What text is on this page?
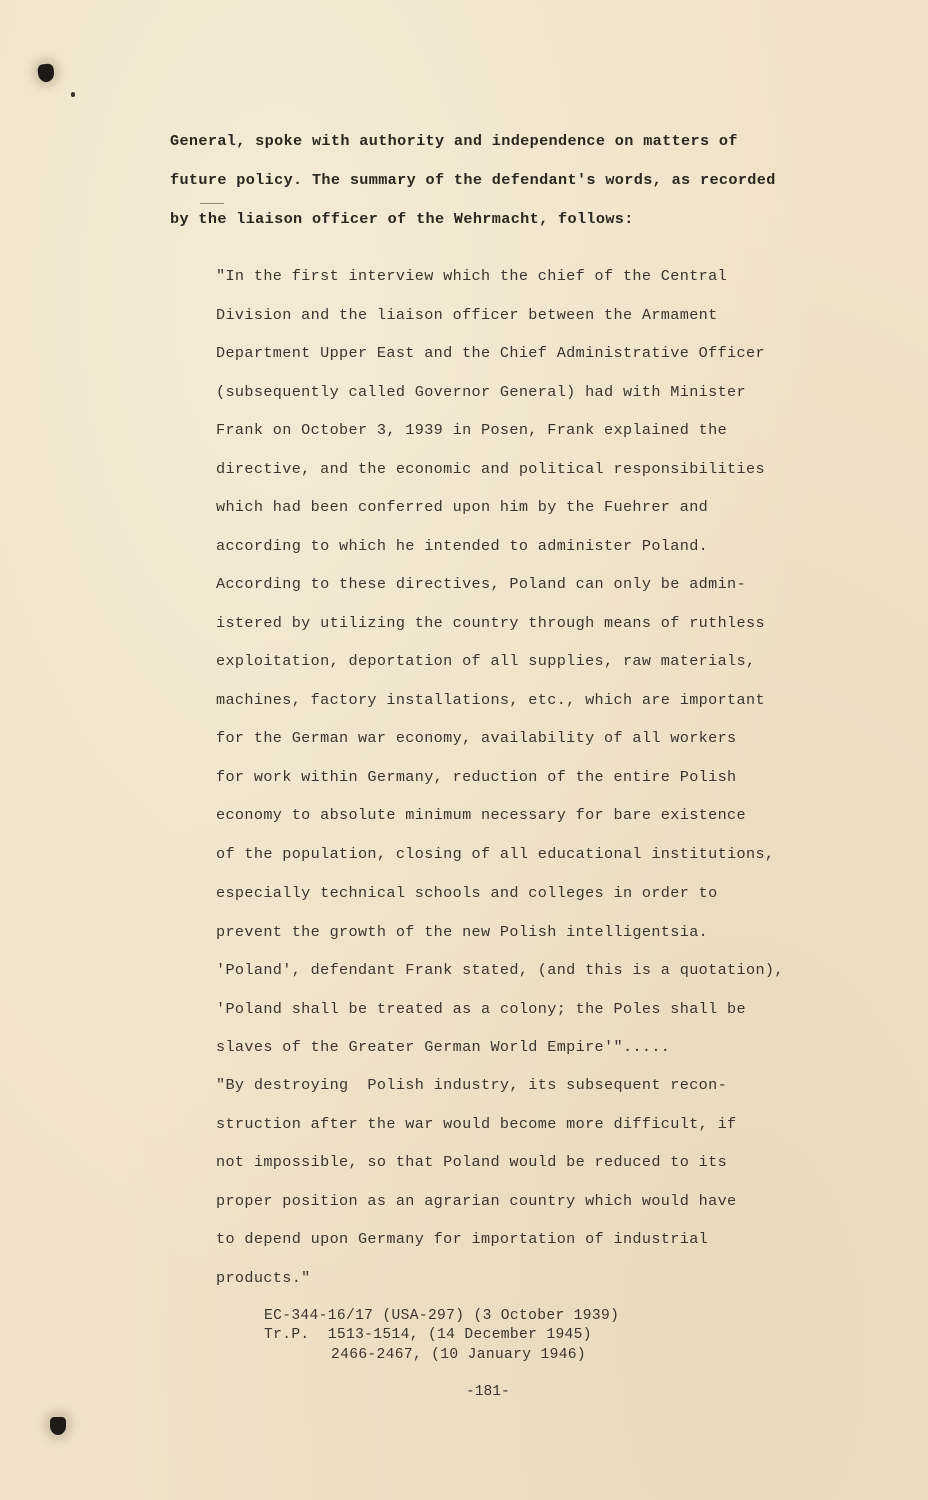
General, spoke with authority and independence on matters of
future policy. The summary of the defendant's words, as recorded
by the liaison officer of the Wehrmacht, follows:
"In the first interview which the chief of the Central
Division and the liaison officer between the Armament
Department Upper East and the Chief Administrative Officer
(subsequently called Governor General) had with Minister
Frank on October 3, 1939 in Posen, Frank explained the
directive, and the economic and political responsibilities
which had been conferred upon him by the Fuehrer and
according to which he intended to administer Poland.
According to these directives, Poland can only be admin-
istered by utilizing the country through means of ruthless
exploitation, deportation of all supplies, raw materials,
machines, factory installations, etc., which are important
for the German war economy, availability of all workers
for work within Germany, reduction of the entire Polish
economy to absolute minimum necessary for bare existence
of the population, closing of all educational institutions,
especially technical schools and colleges in order to
prevent the growth of the new Polish intelligentsia.
'Poland', defendant Frank stated, (and this is a quotation),
'Poland shall be treated as a colony; the Poles shall be
slaves of the Greater German World Empire'".....
"By destroying  Polish industry, its subsequent recon-
struction after the war would become more difficult, if
not impossible, so that Poland would be reduced to its
proper position as an agrarian country which would have
to depend upon Germany for importation of industrial
products."
EC-344-16/17 (USA-297) (3 October 1939)
Tr.P.  1513-1514, (14 December 1945)
2466-2467, (10 January 1946)
-181-
